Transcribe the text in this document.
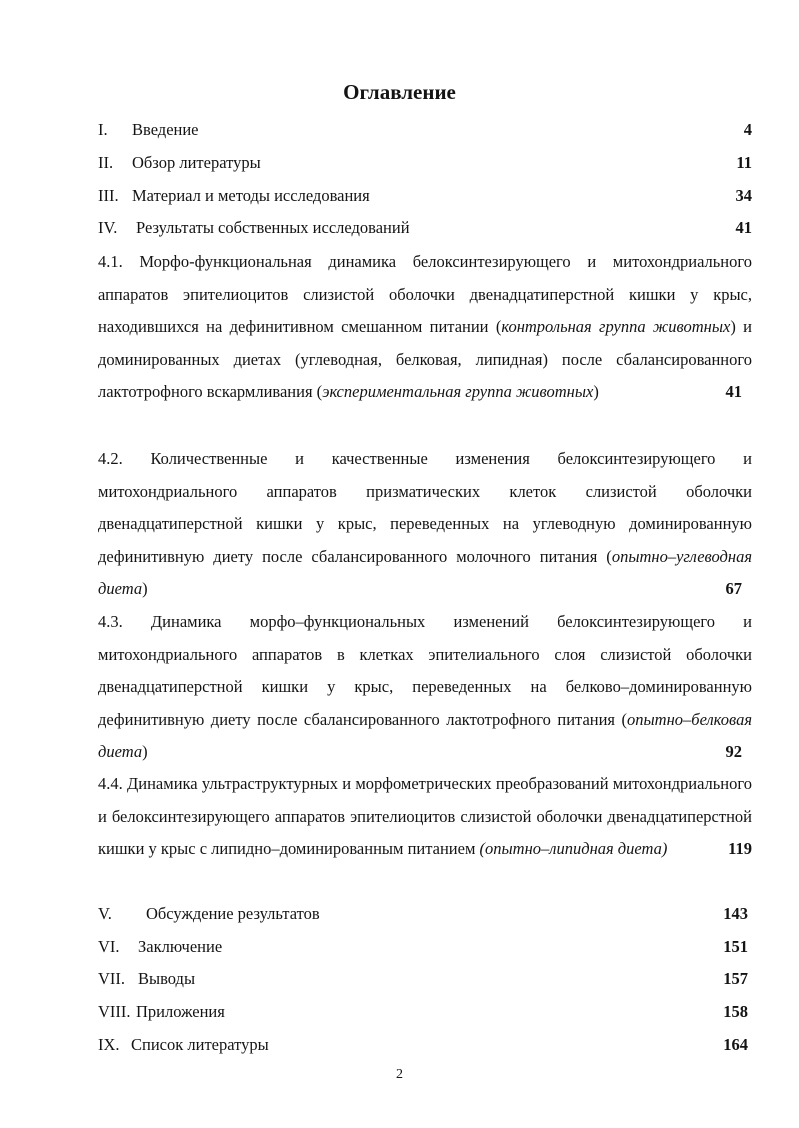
Оглавление
I. Введение	4
II. Обзор литературы	11
III. Материал и методы исследования	34
IV. Результаты собственных исследований	41
4.1. Морфо-функциональная динамика белоксинтезирующего и митохондриального аппаратов эпителиоцитов слизистой оболочки двенадцатиперстной кишки у крыс, находившихся на дефинитивном смешанном питании (контрольная группа животных) и доминированных диетах (углеводная, белковая, липидная) после сбалансированного лактотрофного вскармливания (экспериментальная группа животных)	41
4.2. Количественные и качественные изменения белоксинтезирующего и митохондриального аппаратов призматических клеток слизистой оболочки двенадцатиперстной кишки у крыс, переведенных на углеводную доминированную дефинитивную диету после сбалансированного молочного питания (опытно–углеводная диета)	67
4.3. Динамика морфо–функциональных изменений белоксинтезирующего и митохондриального аппаратов в клетках эпителиального слоя слизистой оболочки двенадцатиперстной кишки у крыс, переведенных на белково–доминированную дефинитивную диету после сбалансированного лактотрофного питания (опытно–белковая диета)	92
4.4. Динамика ультраструктурных и морфометрических преобразований митохондриального и белоксинтезирующего аппаратов эпителиоцитов слизистой оболочки двенадцатиперстной кишки у крыс с липидно–доминированным питанием (опытно–липидная диета)	119
V. Обсуждение результатов	143
VI. Заключение	151
VII. Выводы	157
VIII. Приложения	158
IX. Список литературы	164
2
